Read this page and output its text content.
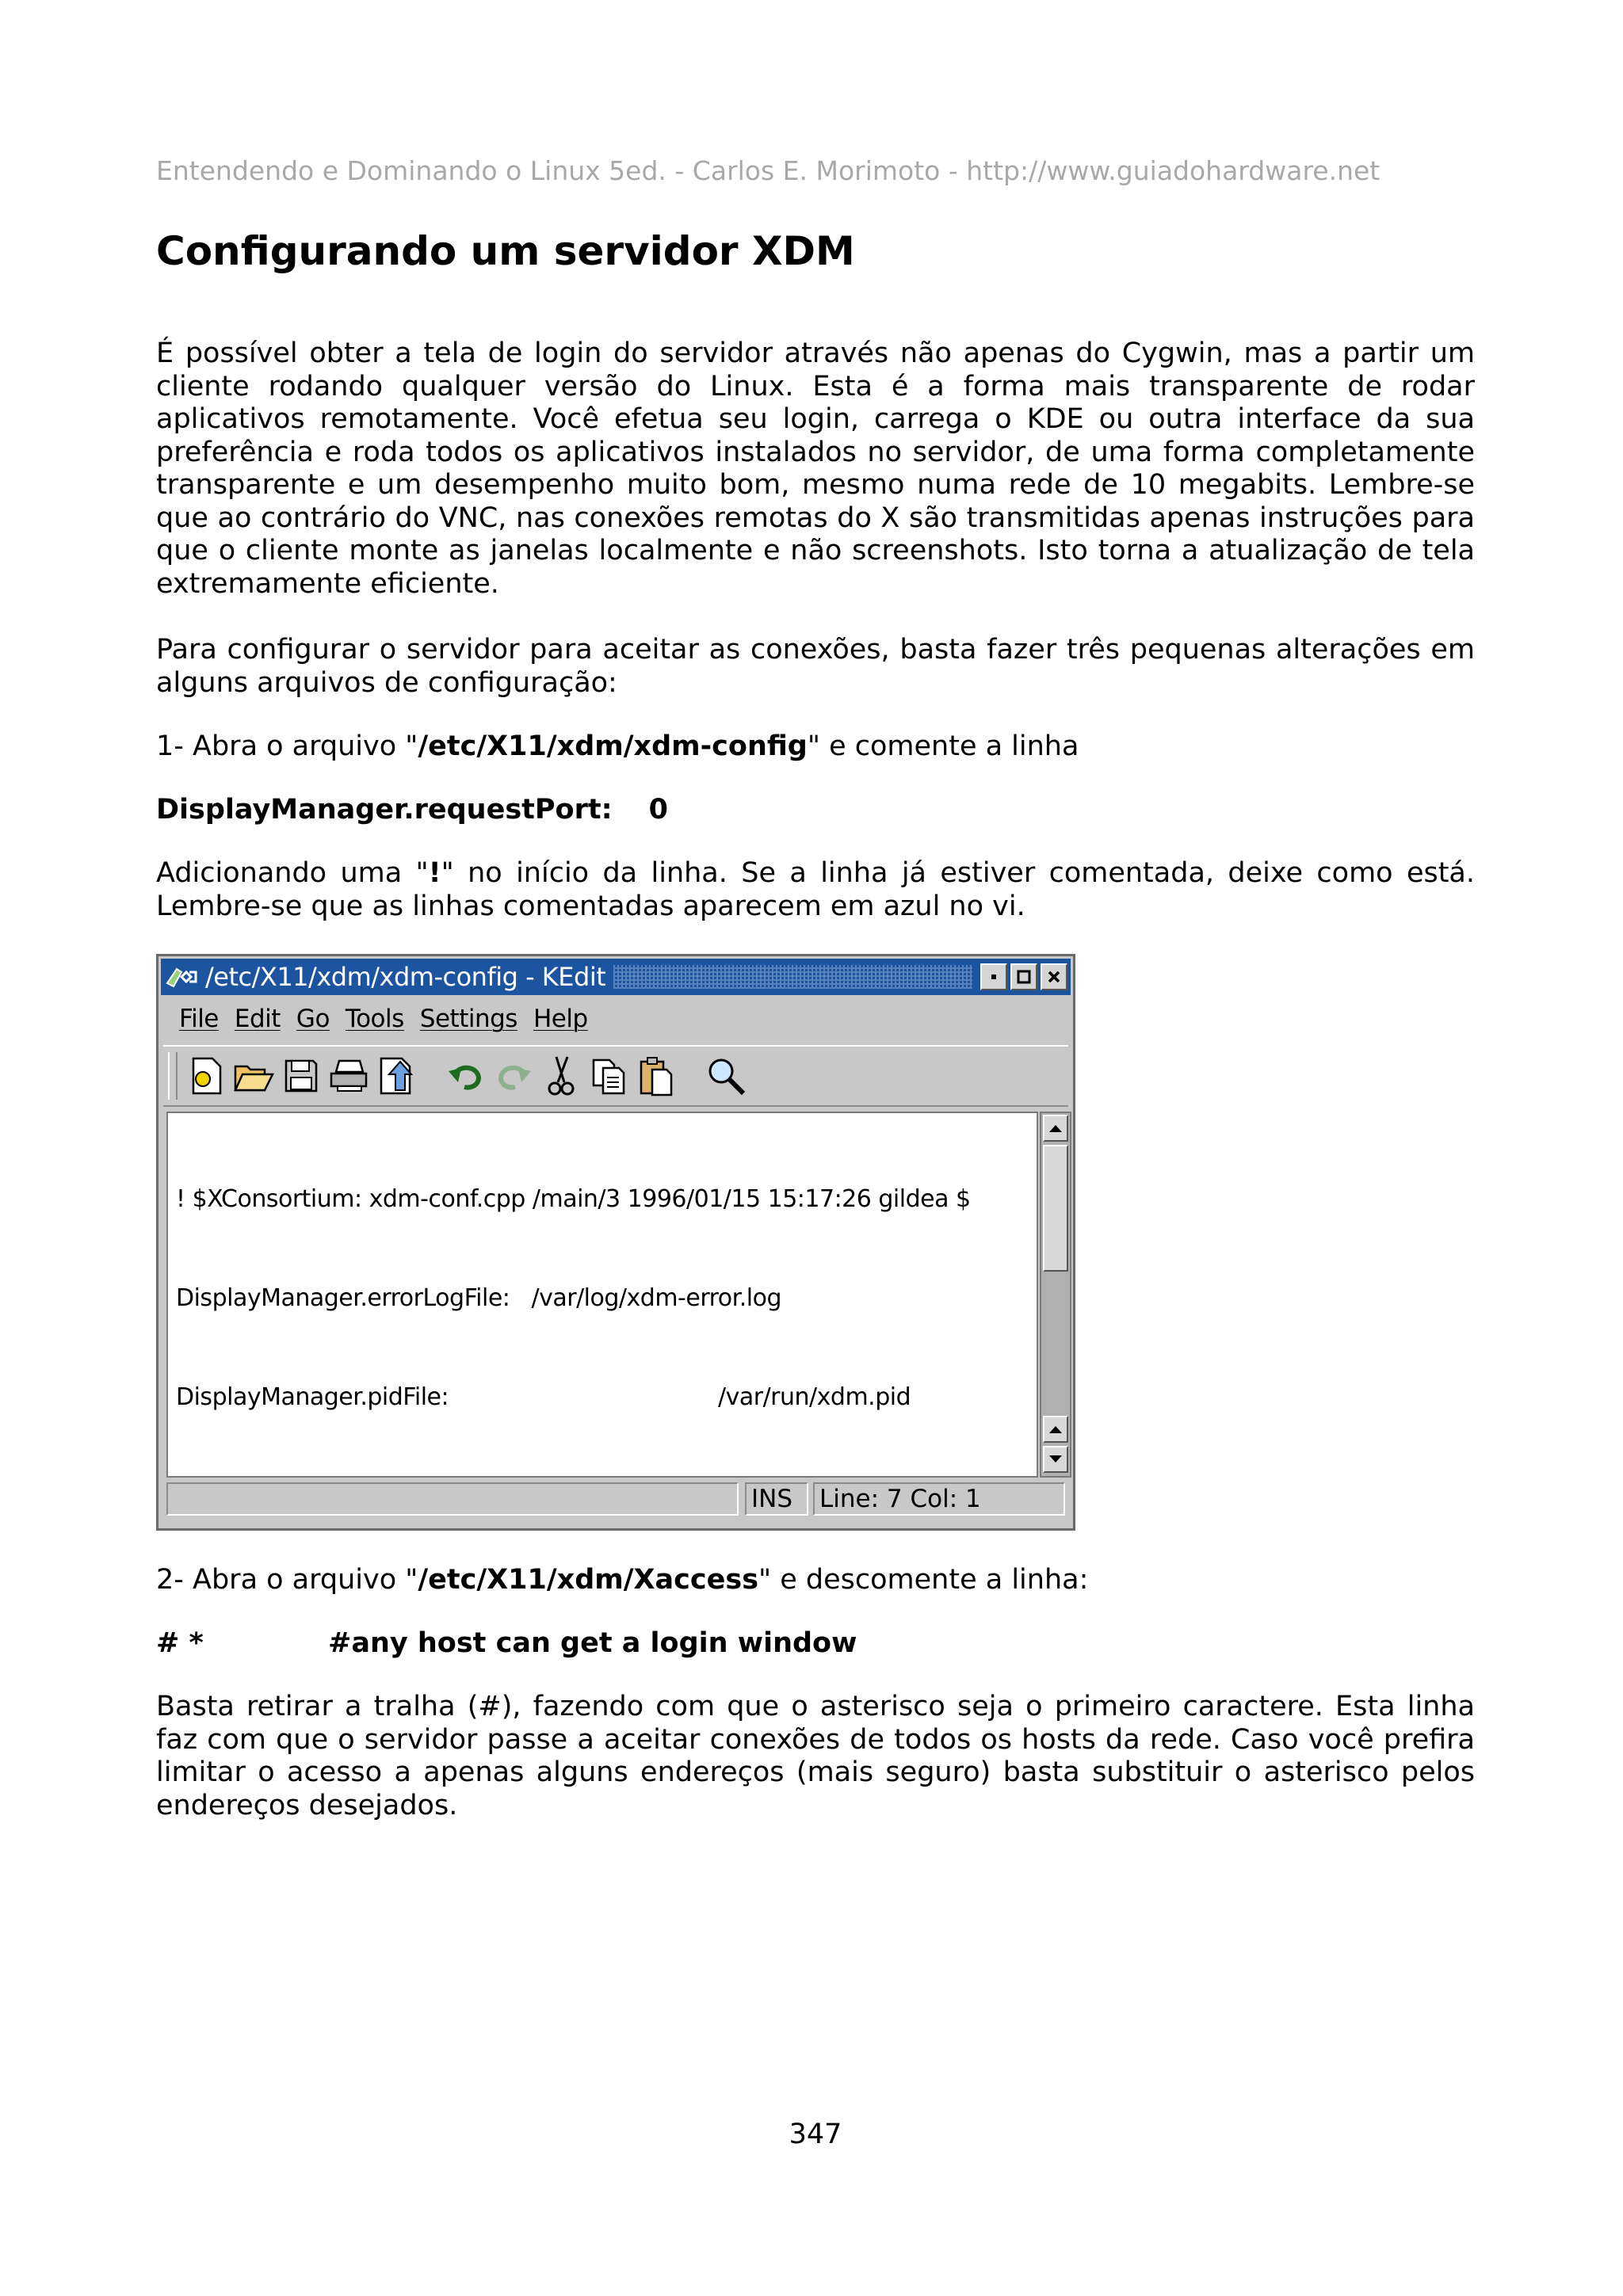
Entendendo e Dominando o Linux 5ed. - Carlos E. Morimoto - http://www.guiadohardware.net
Configurando um servidor XDM

É possível obter a tela de login do servidor através não apenas do Cygwin, mas a partir um cliente rodando qualquer versão do Linux. Esta é a forma mais transparente de rodar aplicativos remotamente. Você efetua seu login, carrega o KDE ou outra interface da sua preferência e roda todos os aplicativos instalados no servidor, de uma forma completamente transparente e um desempenho muito bom, mesmo numa rede de 10 megabits. Lembre-se que ao contrário do VNC, nas conexões remotas do X são transmitidas apenas instruções para que o cliente monte as janelas localmente e não screenshots. Isto torna a atualização de tela extremamente eficiente.

Para configurar o servidor para aceitar as conexões, basta fazer três pequenas alterações em alguns arquivos de configuração:

1- Abra o arquivo "/etc/X11/xdm/xdm-config" e comente a linha
DisplayManager.requestPort: 0

Adicionando uma "!" no início da linha. Se a linha já estiver comentada, deixe como está. Lembre-se que as linhas comentadas aparecem em azul no vi.

2- Abra o arquivo "/etc/X11/xdm/Xaccess" e descomente a linha:
# *	#any host can get a login window

Basta retirar a tralha (#), fazendo com que o asterisco seja o primeiro caractere. Esta linha faz com que o servidor passe a aceitar conexões de todos os hosts da rede. Caso você prefira limitar o acesso a apenas alguns endereços (mais seguro) basta substituir o asterisco pelos endereços desejados.

347
/etc/X11/xdm/xdm-config - KEdit
File Edit Go Tools Settings Help

! $XConsortium: xdm-conf.cpp /main/3 1996/01/15 15:17:26 gildea $

DisplayManager.errorLogFile:   /var/log/xdm-error.log

DisplayManager.pidFile:	/var/run/xdm.pid

INS	Line: 7 Col: 1
